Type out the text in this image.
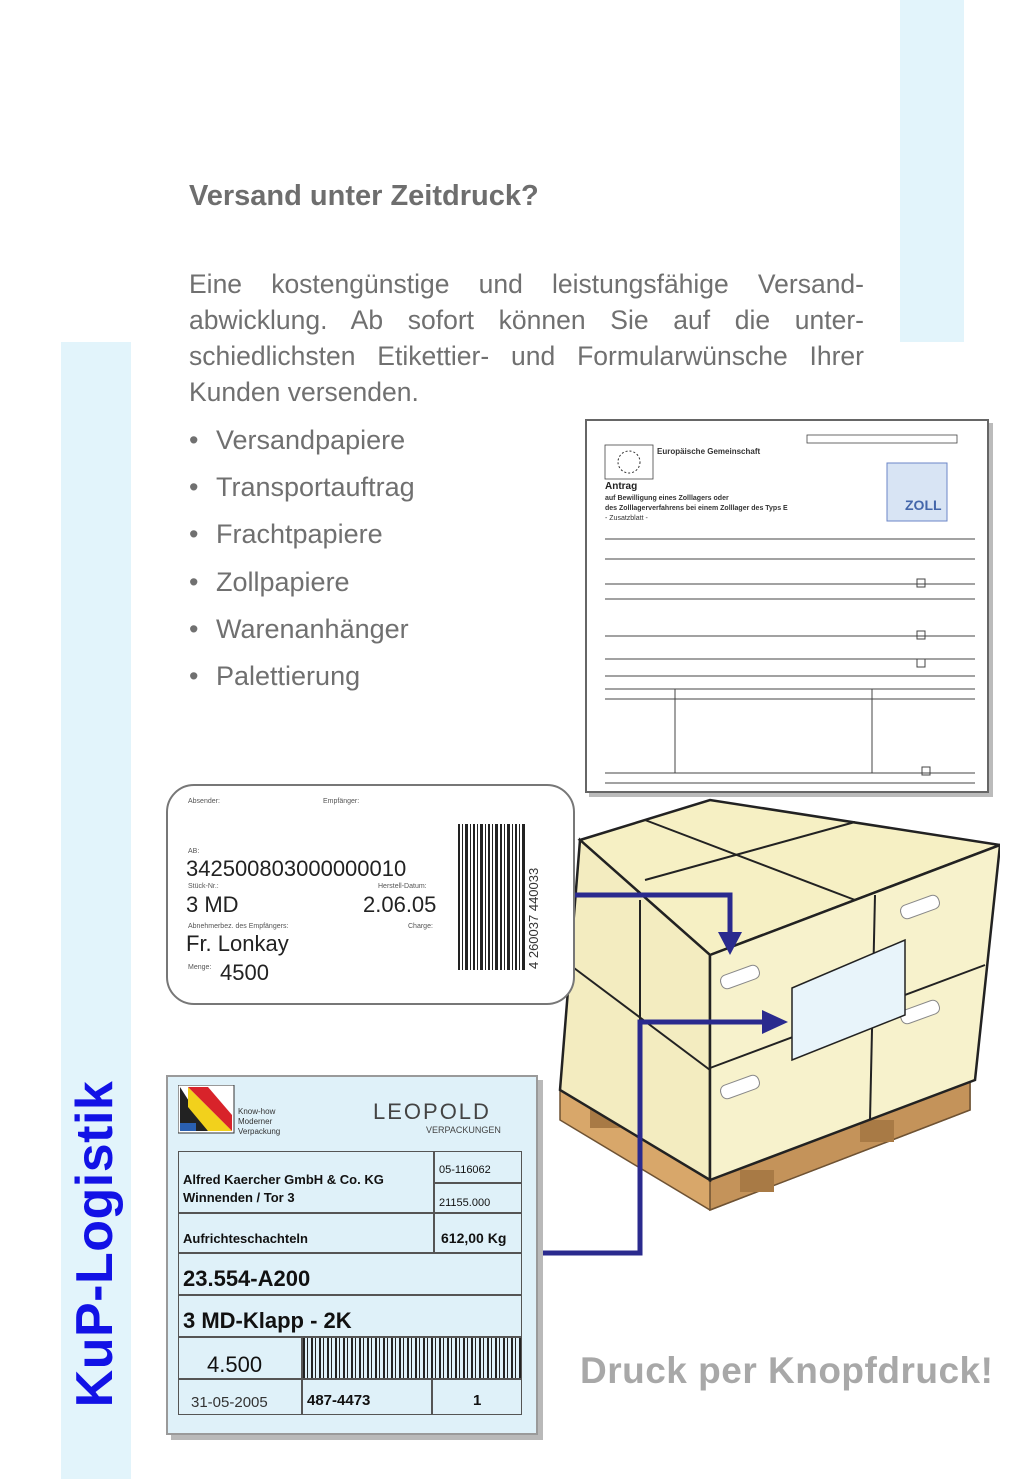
KuP-Logistik
Versand unter Zeitdruck?
Eine kostengünstige und leistungsfähige Versand-abwicklung. Ab sofort können Sie auf die unter-schiedlichsten Etikettier- und Formularwünsche Ihrer Kunden versenden.
• Versandpapiere
• Transportauftrag
• Frachtpapiere
• Zollpapiere
• Warenanhänger
• Palettierung
Europäische Gemeinschaft
Antrag
auf Bewilligung eines Zolllagers oder
des Zolllagerverfahrens bei einem Zolllager des Typs E
- Zusatzblatt -
ZOLL
Absender:	Empfänger:
AB:
342500803000000010
Stück-Nr.:	Herstell-Datum:
3 MD	2.06.05
Abnehmerbez. des Empfängers:	Charge:
Fr. Lonkay
Menge: 4500
4 260037 440033
Know-how
Moderner
Verpackung
LEOPOLD
VERPACKUNGEN
Alfred Kaercher GmbH & Co. KG
Winnenden / Tor 3
05-116062
21155.000
Aufrichteschachteln	612,00 Kg
23.554-A200
3 MD-Klapp - 2K
4.500
31-05-2005	487-4473	1
Druck per Knopfdruck!
